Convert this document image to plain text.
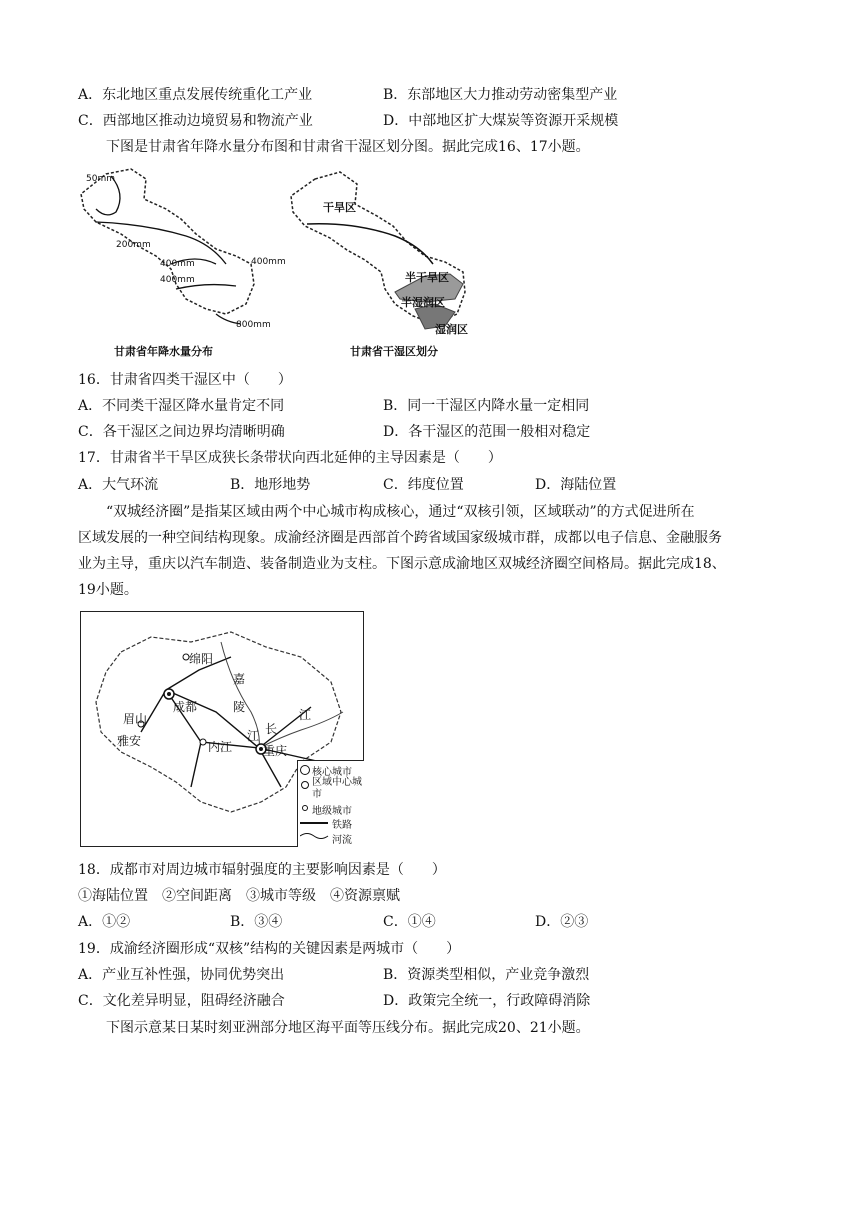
A．东北地区重点发展传统重化工产业	B．东部地区大力推动劳动密集型产业
C．西部地区推动边境贸易和物流产业	D．中部地区扩大煤炭等资源开采规模
下图是甘肃省年降水量分布图和甘肃省干湿区划分图。据此完成16、17小题。
50mm
200mm
400mm	400mm
400mm
800mm
甘肃省年降水量分布
干旱区
半干旱区
半湿润区
湿润区
甘肃省干湿区划分
16．甘肃省四类干湿区中（　　）
A．不同类干湿区降水量肯定不同	B．同一干湿区内降水量一定相同
C．各干湿区之间边界均清晰明确	D．各干湿区的范围一般相对稳定
17．甘肃省半干旱区成狭长条带状向西北延伸的主导因素是（　　）
A．大气环流	B．地形地势	C．纬度位置	D．海陆位置
“双城经济圈”是指某区域由两个中心城市构成核心，通过“双核引领，区域联动”的方式促进所在
区域发展的一种空间结构现象。成渝经济圈是西部首个跨省域国家级城市群，成都以电子信息、金融服务
业为主导，重庆以汽车制造、装备制造业为支柱。下图示意成渝地区双城经济圈空间格局。据此完成18、
19小题。
绵阳
成都
眉山
雅安	内江	重庆
嘉
陵
江 长
江
核心城市
区域中心城市
地级城市
铁路
河流
18．成都市对周边城市辐射强度的主要影响因素是（　　）
①海陆位置　②空间距离　③城市等级　④资源禀赋
A．①②	B．③④	C．①④	D．②③
19．成渝经济圈形成“双核”结构的关键因素是两城市（　　）
A．产业互补性强，协同优势突出	B．资源类型相似，产业竞争激烈
C．文化差异明显，阻碍经济融合	D．政策完全统一，行政障碍消除
下图示意某日某时刻亚洲部分地区海平面等压线分布。据此完成20、21小题。
